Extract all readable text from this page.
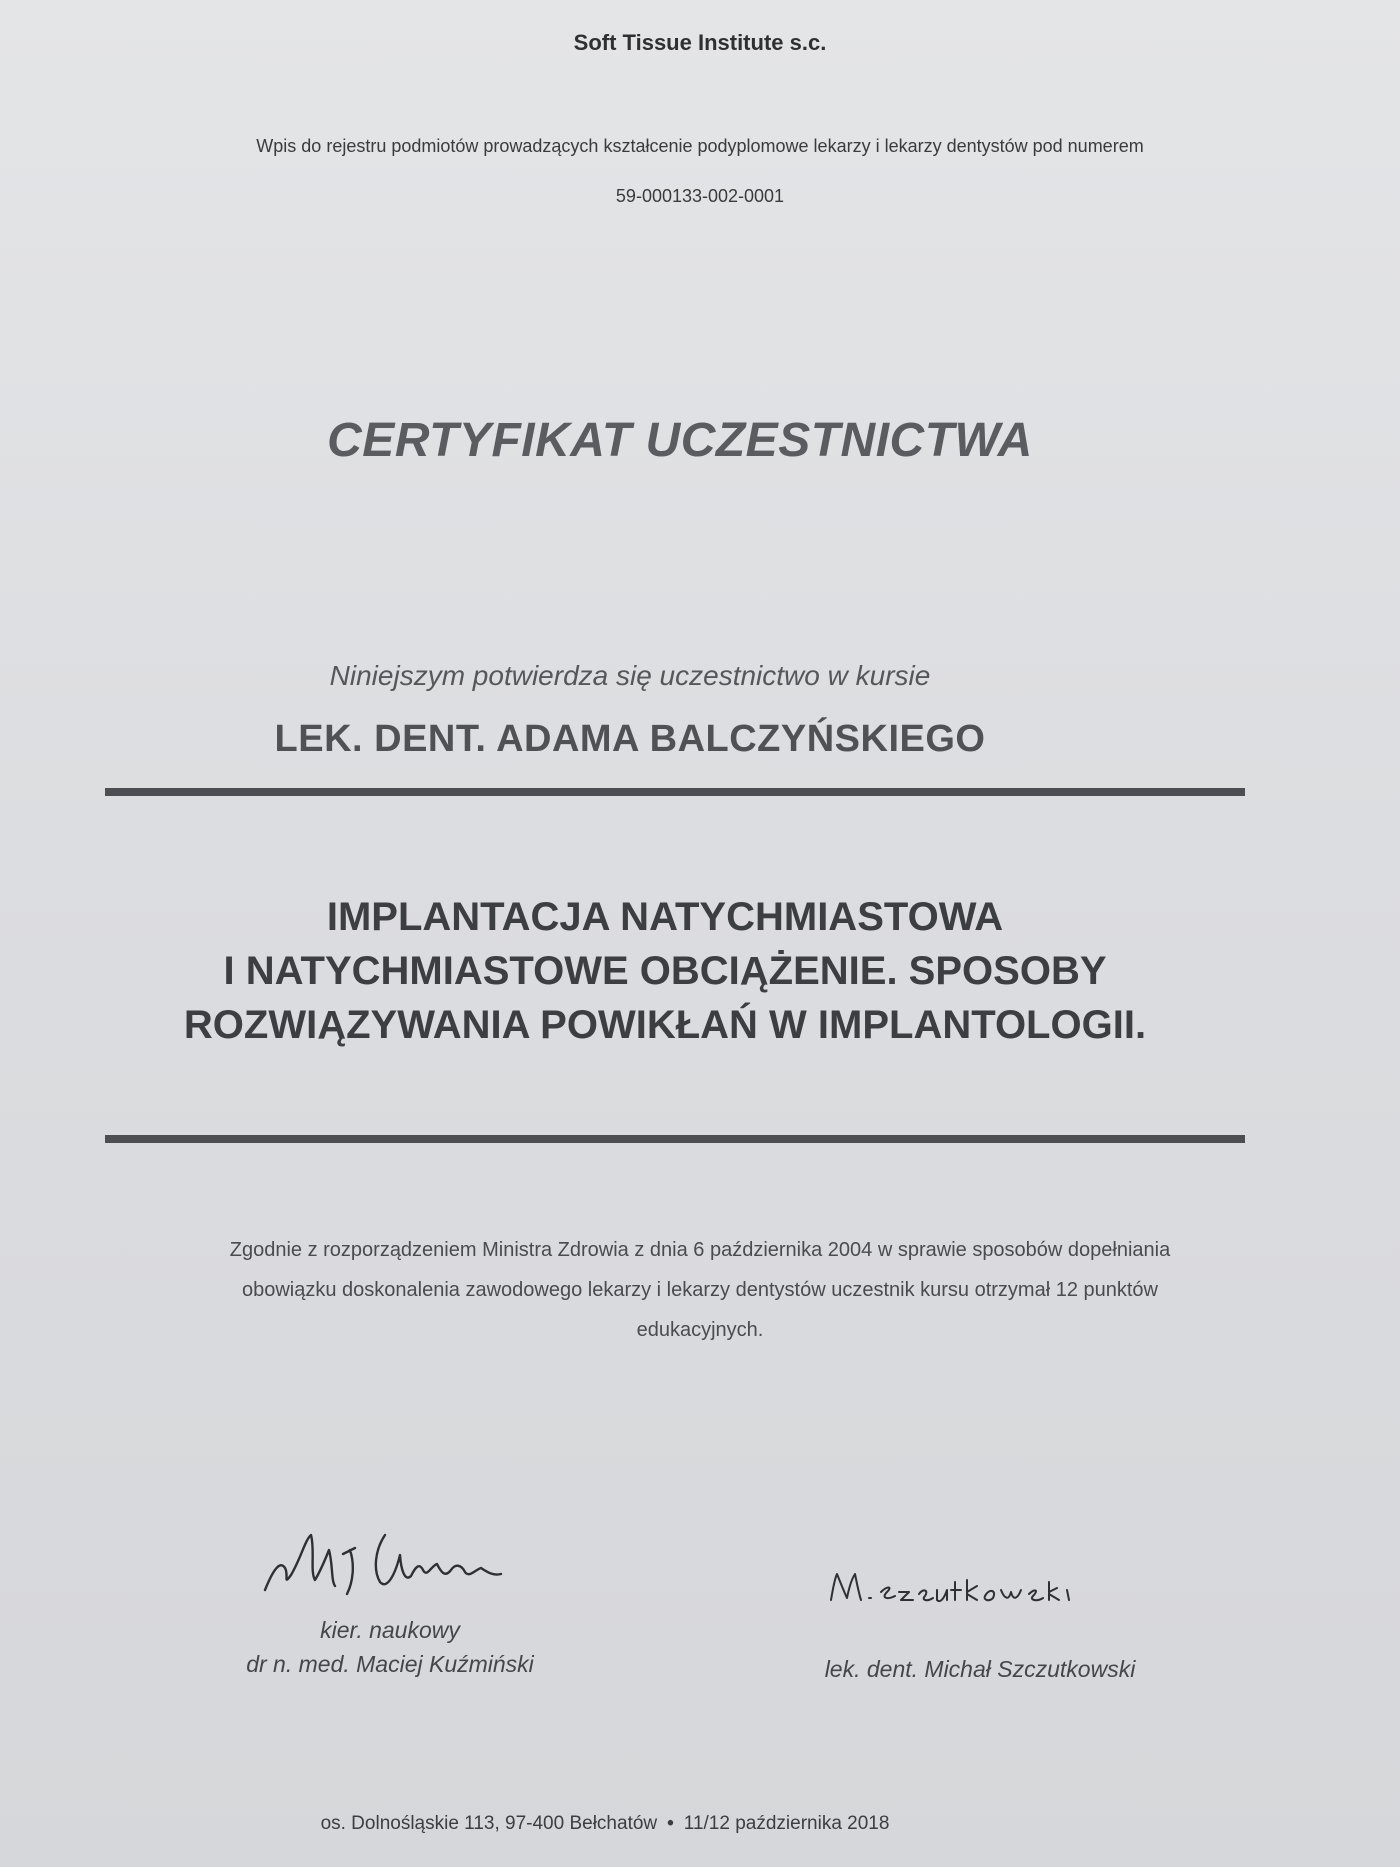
Soft Tissue Institute s.c.
Wpis do rejestru podmiotów prowadzących kształcenie podyplomowe lekarzy i lekarzy dentystów pod numerem
59-000133-002-0001
CERTYFIKAT UCZESTNICTWA
Niniejszym potwierdza się uczestnictwo w kursie
LEK. DENT. ADAMA BALCZYŃSKIEGO
IMPLANTACJA NATYCHMIASTOWA
I NATYCHMIASTOWE OBCIĄŻENIE. SPOSOBY
ROZWIĄZYWANIA POWIKŁAŃ W IMPLANTOLOGII.
Zgodnie z rozporządzeniem Ministra Zdrowia z dnia 6 października 2004 w sprawie sposobów dopełniania
obowiązku doskonalenia zawodowego lekarzy i lekarzy dentystów uczestnik kursu otrzymał 12 punktów
edukacyjnych.
kier. naukowy
dr n. med. Maciej Kuźmiński	lek. dent. Michał Szczutkowski
os. Dolnośląskie 113, 97-400 Bełchatów • 11/12 października 2018
